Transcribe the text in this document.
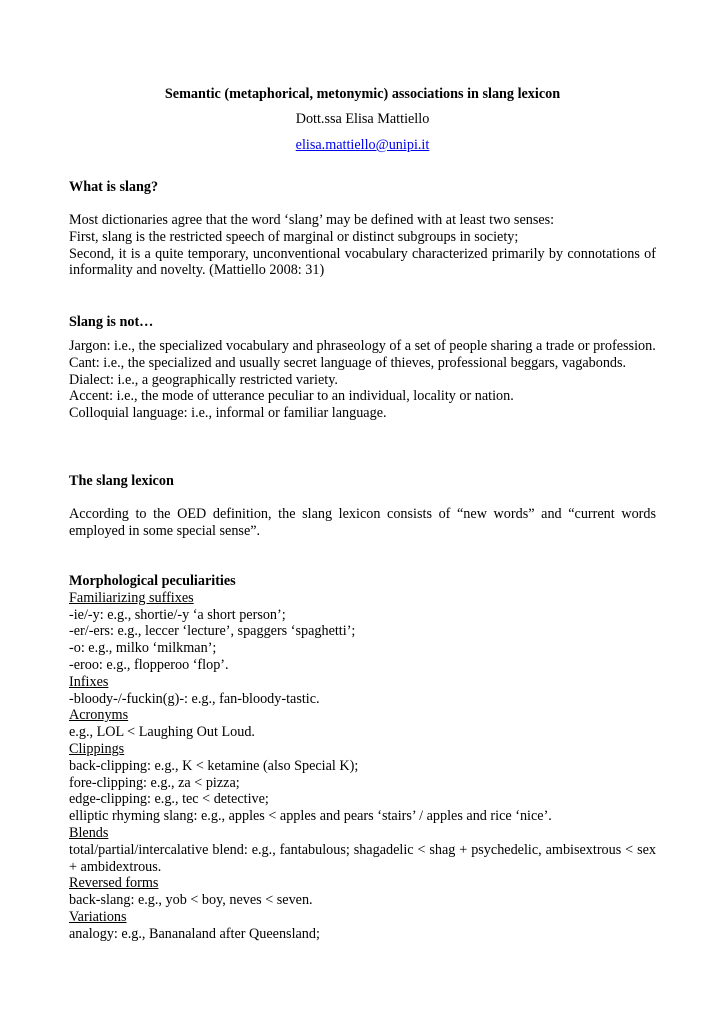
Semantic (metaphorical, metonymic) associations in slang lexicon
Dott.ssa Elisa Mattiello
elisa.mattiello@unipi.it
What is slang?

Most dictionaries agree that the word ‘slang’ may be defined with at least two senses:

First, slang is the restricted speech of marginal or distinct subgroups in society;

Second, it is a quite temporary, unconventional vocabulary characterized primarily by connotations of informality and novelty. (Mattiello 2008: 31)

Slang is not…

Jargon: i.e., the specialized vocabulary and phraseology of a set of people sharing a trade or profession.

Cant: i.e., the specialized and usually secret language of thieves, professional beggars, vagabonds.

Dialect: i.e., a geographically restricted variety.

Accent: i.e., the mode of utterance peculiar to an individual, locality or nation.

Colloquial language: i.e., informal or familiar language.

The slang lexicon
According to the OED definition, the slang lexicon consists of “new words” and “current words employed in some special sense”.

Morphological peculiarities

Familiarizing suffixes

-ie/-y: e.g., shortie/-y ‘a short person’;

-er/-ers: e.g., leccer ‘lecture’, spaggers ‘spaghetti’;

-o: e.g., milko ‘milkman’;

-eroo: e.g., flopperoo ‘flop’.

Infixes

-bloody-/-fuckin(g)-: e.g., fan-bloody-tastic.

Acronyms

e.g., LOL < Laughing Out Loud.

Clippings

back-clipping: e.g., K < ketamine (also Special K);

fore-clipping: e.g., za < pizza;

edge-clipping: e.g., tec < detective;

elliptic rhyming slang: e.g., apples < apples and pears ‘stairs’ / apples and rice ‘nice’.

Blends

total/partial/intercalative blend: e.g., fantabulous; shagadelic < shag + psychedelic, ambisextrous < sex + ambidextrous.

Reversed forms

back-slang: e.g., yob < boy, neves < seven.

Variations

analogy: e.g., Bananaland after Queensland;
